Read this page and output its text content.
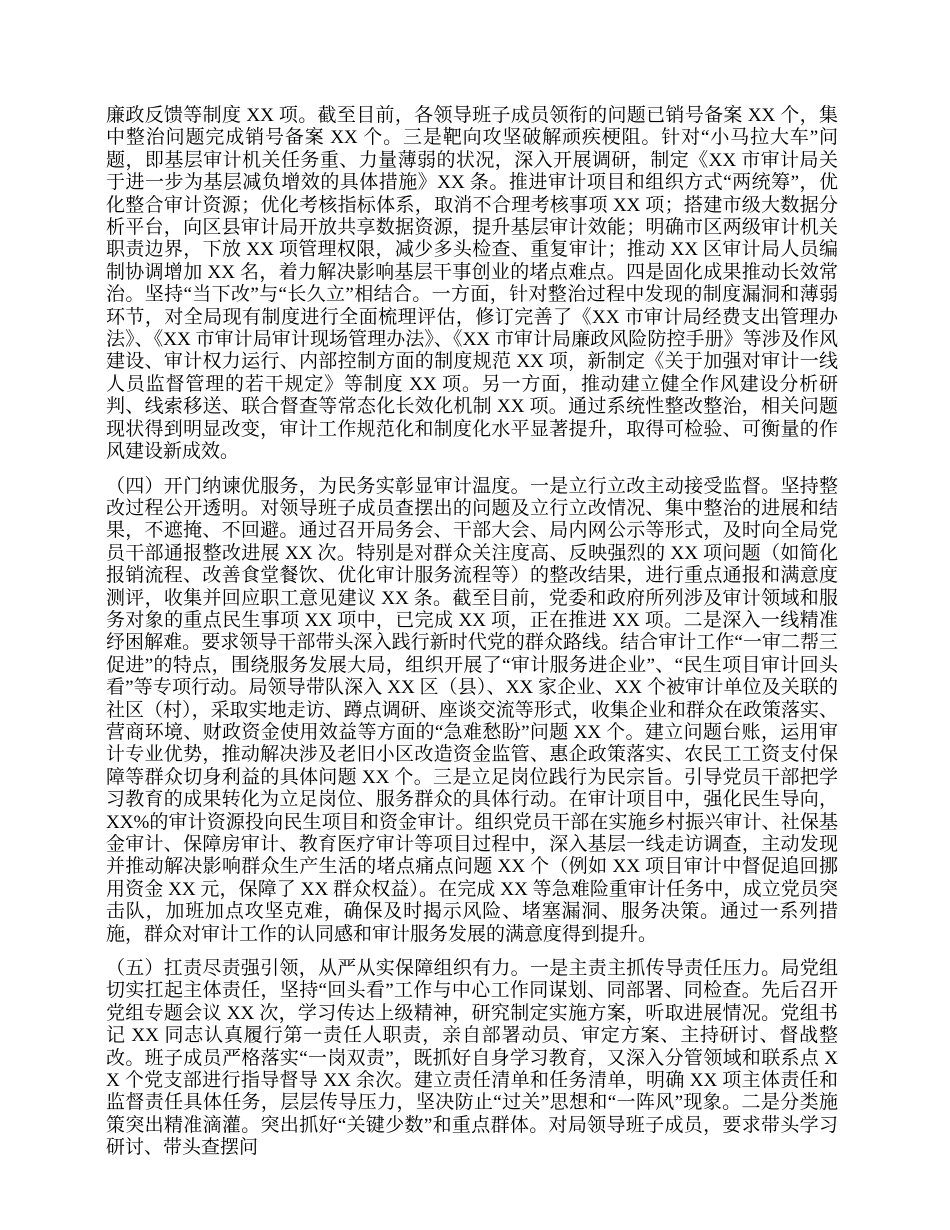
廉政反馈等制度 XX 项。截至目前，各领导班子成员领衔的问题已销号备案 XX 个，集中整治问题完成销号备案 XX 个。三是靶向攻坚破解顽疾梗阻。针对“小马拉大车”问题，即基层审计机关任务重、力量薄弱的状况，深入开展调研，制定《XX 市审计局关于进一步为基层减负增效的具体措施》XX 条。推进审计项目和组织方式“两统筹”，优化整合审计资源；优化考核指标体系，取消不合理考核事项 XX 项；搭建市级大数据分析平台，向区县审计局开放共享数据资源，提升基层审计效能；明确市区两级审计机关职责边界，下放 XX 项管理权限，减少多头检查、重复审计；推动 XX 区审计局人员编制协调增加 XX 名，着力解决影响基层干事创业的堵点难点。四是固化成果推动长效常治。坚持“当下改”与“长久立”相结合。一方面，针对整治过程中发现的制度漏洞和薄弱环节，对全局现有制度进行全面梳理评估，修订完善了《XX 市审计局经费支出管理办法》、《XX 市审计局审计现场管理办法》、《XX 市审计局廉政风险防控手册》等涉及作风建设、审计权力运行、内部控制方面的制度规范 XX 项，新制定《关于加强对审计一线人员监督管理的若干规定》等制度 XX 项。另一方面，推动建立健全作风建设分析研判、线索移送、联合督查等常态化长效化机制 XX 项。通过系统性整改整治，相关问题现状得到明显改变，审计工作规范化和制度化水平显著提升，取得可检验、可衡量的作风建设新成效。

（四）开门纳谏优服务，为民务实彰显审计温度。一是立行立改主动接受监督。坚持整改过程公开透明。对领导班子成员查摆出的问题及立行立改情况、集中整治的进展和结果，不遮掩、不回避。通过召开局务会、干部大会、局内网公示等形式，及时向全局党员干部通报整改进展 XX 次。特别是对群众关注度高、反映强烈的 XX 项问题（如简化报销流程、改善食堂餐饮、优化审计服务流程等）的整改结果，进行重点通报和满意度测评，收集并回应职工意见建议 XX 条。截至目前，党委和政府所列涉及审计领域和服务对象的重点民生事项 XX 项中，已完成 XX 项，正在推进 XX 项。二是深入一线精准纾困解难。要求领导干部带头深入践行新时代党的群众路线。结合审计工作“一审二帮三促进”的特点，围绕服务发展大局，组织开展了“审计服务进企业”、“民生项目审计回头看”等专项行动。局领导带队深入 XX 区（县）、XX 家企业、XX 个被审计单位及关联的社区（村），采取实地走访、蹲点调研、座谈交流等形式，收集企业和群众在政策落实、营商环境、财政资金使用效益等方面的“急难愁盼”问题 XX 个。建立问题台账，运用审计专业优势，推动解决涉及老旧小区改造资金监管、惠企政策落实、农民工工资支付保障等群众切身利益的具体问题 XX 个。三是立足岗位践行为民宗旨。引导党员干部把学习教育的成果转化为立足岗位、服务群众的具体行动。在审计项目中，强化民生导向，XX%的审计资源投向民生项目和资金审计。组织党员干部在实施乡村振兴审计、社保基金审计、保障房审计、教育医疗审计等项目过程中，深入基层一线走访调查，主动发现并推动解决影响群众生产生活的堵点痛点问题 XX 个（例如 XX 项目审计中督促追回挪用资金 XX 元，保障了 XX 群众权益）。在完成 XX 等急难险重审计任务中，成立党员突击队，加班加点攻坚克难，确保及时揭示风险、堵塞漏洞、服务决策。通过一系列措施，群众对审计工作的认同感和审计服务发展的满意度得到提升。

（五）扛责尽责强引领，从严从实保障组织有力。一是主责主抓传导责任压力。局党组切实扛起主体责任，坚持“回头看”工作与中心工作同谋划、同部署、同检查。先后召开党组专题会议 XX 次，学习传达上级精神，研究制定实施方案，听取进展情况。党组书记 XX 同志认真履行第一责任人职责，亲自部署动员、审定方案、主持研讨、督战整改。班子成员严格落实“一岗双责”，既抓好自身学习教育，又深入分管领域和联系点 XX 个党支部进行指导督导 XX 余次。建立责任清单和任务清单，明确 XX 项主体责任和监督责任具体任务，层层传导压力，坚决防止“过关”思想和“一阵风”现象。二是分类施策突出精准滴灌。突出抓好“关键少数”和重点群体。对局领导班子成员，要求带头学习研讨、带头查摆问
